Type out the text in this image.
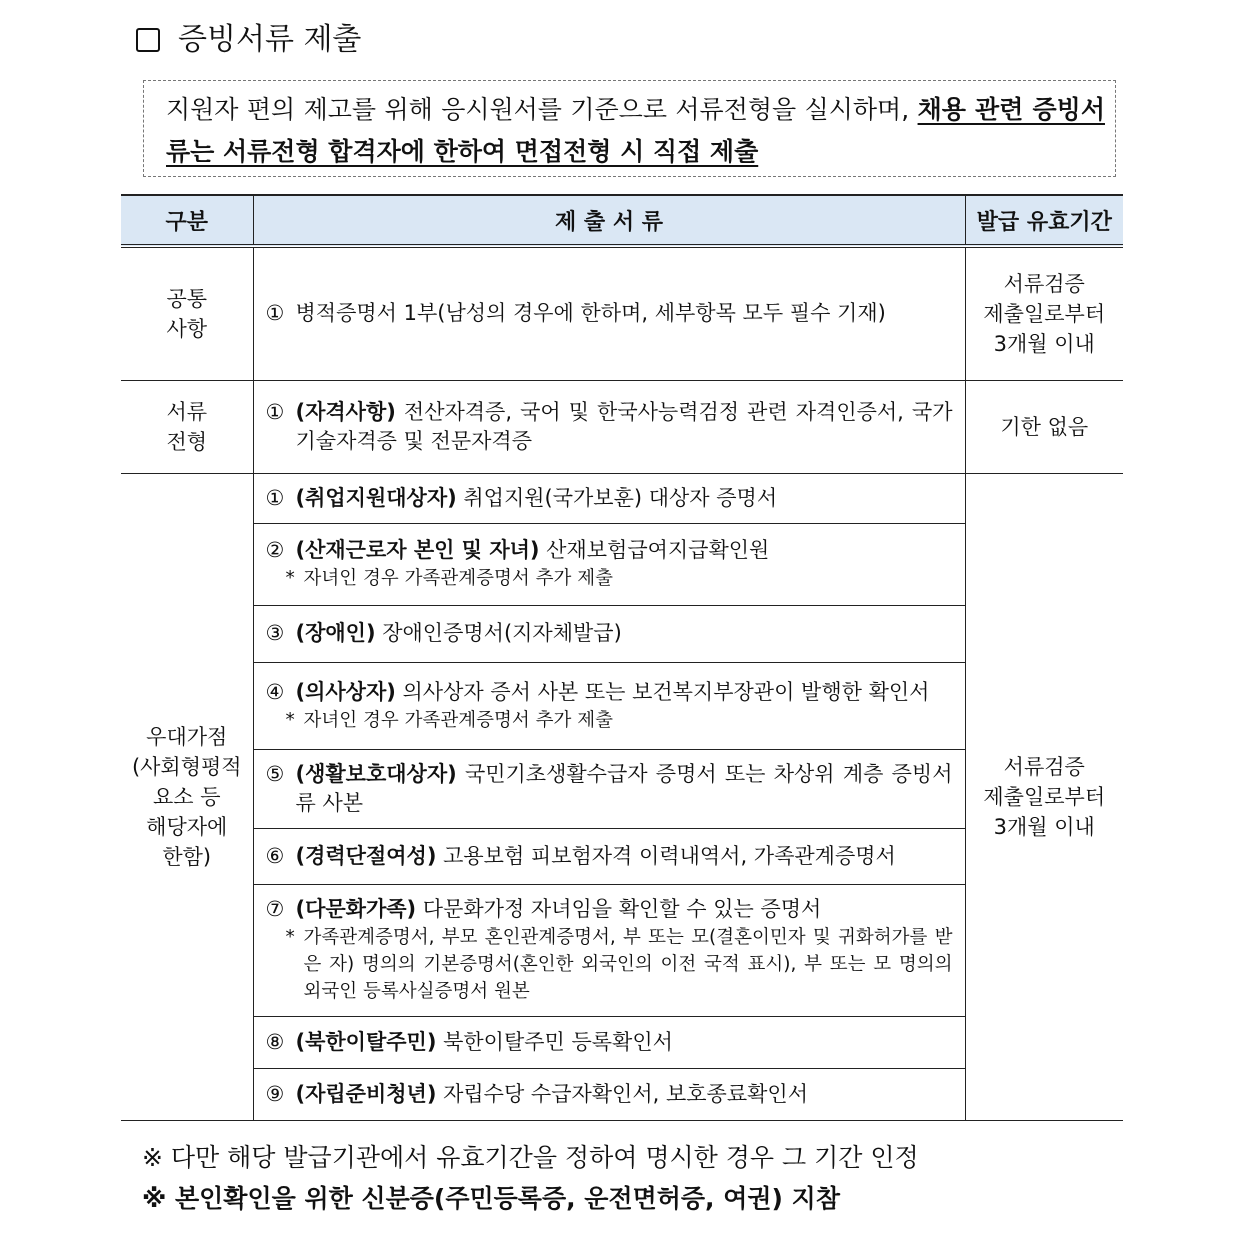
증빙서류 제출
지원자 편의 제고를 위해 응시원서를 기준으로 서류전형을 실시하며, 채용 관련 증빙서류는 서류전형 합격자에 한하여 면접전형 시 직접 제출
구분	제 출 서 류	발급 유효기간
공통
사항	① 병적증명서 1부(남성의 경우에 한하며, 세부항목 모두 필수 기재)	서류검증
제출일로부터
3개월 이내
서류
전형	① (자격사항) 전산자격증, 국어 및 한국사능력검정 관련 자격인증서, 국가기술자격증 및 전문자격증	기한 없음
우대가점
(사회형평적
요소 등
해당자에
한함)	① (취업지원대상자) 취업지원(국가보훈) 대상자 증명서	서류검증
제출일로부터
3개월 이내

	② (산재근로자 본인 및 자녀) 산재보험급여지급확인원
* 자녀인 경우 가족관계증명서 추가 제출	

	③ (장애인) 장애인증명서(지자체발급)	

	④ (의사상자) 의사상자 증서 사본 또는 보건복지부장관이 발행한 확인서
* 자녀인 경우 가족관계증명서 추가 제출	

	⑤ (생활보호대상자) 국민기초생활수급자 증명서 또는 차상위 계층 증빙서류 사본	

	⑥ (경력단절여성) 고용보험 피보험자격 이력내역서, 가족관계증명서	

	⑦ (다문화가족) 다문화가정 자녀임을 확인할 수 있는 증명서
* 가족관계증명서, 부모 혼인관계증명서, 부 또는 모(결혼이민자 및 귀화허가를 받은 자) 명의의 기본증명서(혼인한 외국인의 이전 국적 표시), 부 또는 모 명의의 외국인 등록사실증명서 원본	

	⑧ (북한이탈주민) 북한이탈주민 등록확인서	

	⑨ (자립준비청년) 자립수당 수급자확인서, 보호종료확인서	
※ 다만 해당 발급기관에서 유효기간을 정하여 명시한 경우 그 기간 인정
※ 본인확인을 위한 신분증(주민등록증, 운전면허증, 여권) 지참
